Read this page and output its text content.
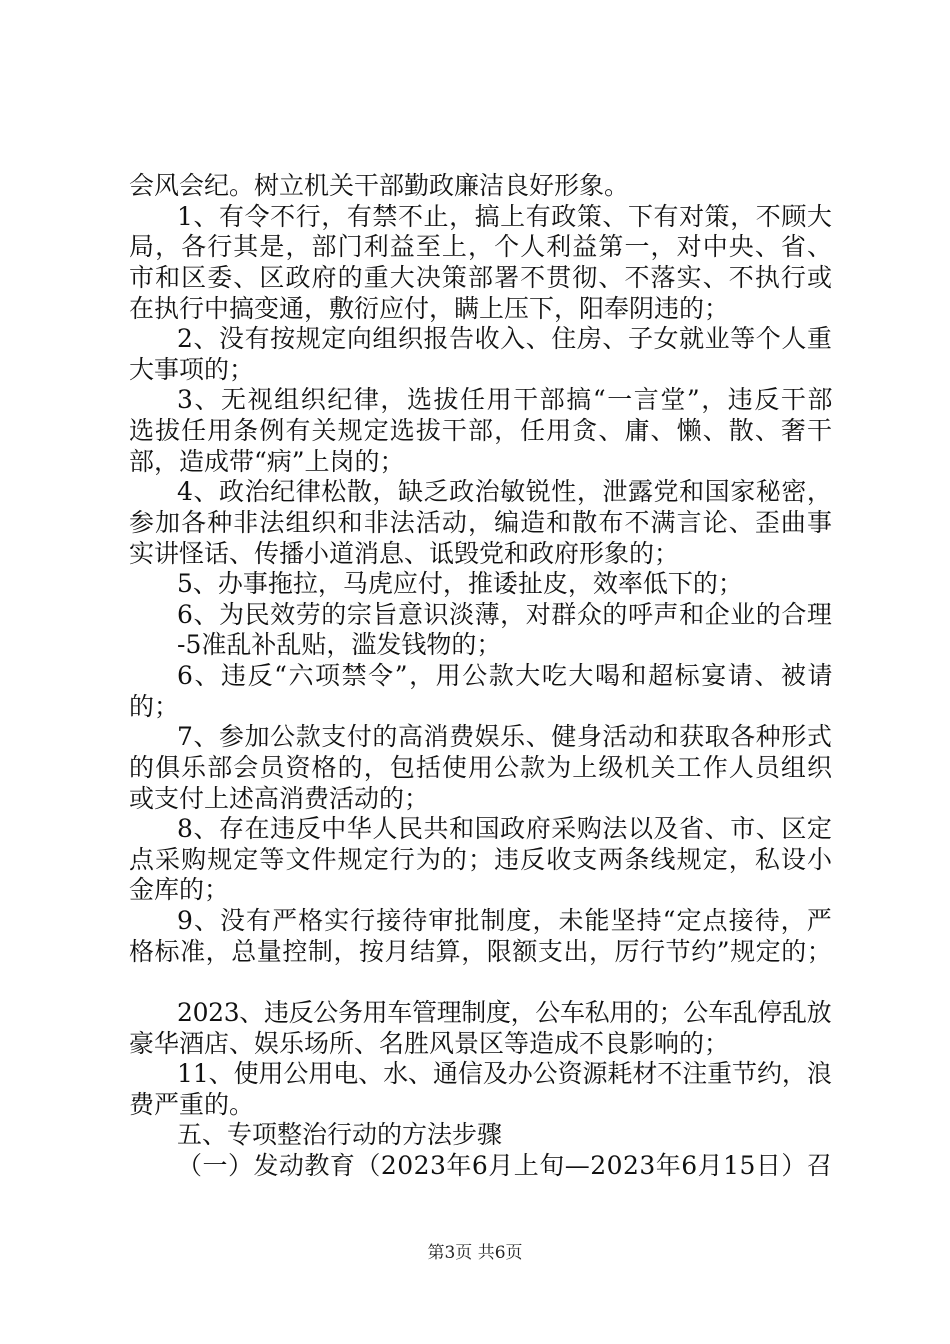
会风会纪。树立机关干部勤政廉洁良好形象。

1、有令不行，有禁不止，搞上有政策、下有对策，不顾大

局，各行其是，部门利益至上，个人利益第一，对中央、省、

市和区委、区政府的重大决策部署不贯彻、不落实、不执行或

在执行中搞变通，敷衍应付，瞒上压下，阳奉阴违的；

2、没有按规定向组织报告收入、住房、子女就业等个人重

大事项的；

3、无视组织纪律，选拔任用干部搞“一言堂”，违反干部

选拔任用条例有关规定选拔干部，任用贪、庸、懒、散、奢干

部，造成带“病”上岗的；

4、政治纪律松散，缺乏政治敏锐性，泄露党和国家秘密，

参加各种非法组织和非法活动，编造和散布不满言论、歪曲事

实讲怪话、传播小道消息、诋毁党和政府形象的；

5、办事拖拉，马虎应付，推诿扯皮，效率低下的；

6、为民效劳的宗旨意识淡薄，对群众的呼声和企业的合理

-5准乱补乱贴，滥发钱物的；

6、违反“六项禁令”，用公款大吃大喝和超标宴请、被请

的；

7、参加公款支付的高消费娱乐、健身活动和获取各种形式

的俱乐部会员资格的，包括使用公款为上级机关工作人员组织

或支付上述高消费活动的；

8、存在违反中华人民共和国政府采购法以及省、市、区定

点采购规定等文件规定行为的；违反收支两条线规定，私设小

金库的；

9、没有严格实行接待审批制度，未能坚持“定点接待，严

格标准，总量控制，按月结算，限额支出，厉行节约”规定的；

2023、违反公务用车管理制度，公车私用的；公车乱停乱放

豪华酒店、娱乐场所、名胜风景区等造成不良影响的；

11、使用公用电、水、通信及办公资源耗材不注重节约，浪

费严重的。

五、专项整治行动的方法步骤

（一）发动教育（2023年6月上旬—2023年6月15日）召

第3页 共6页
